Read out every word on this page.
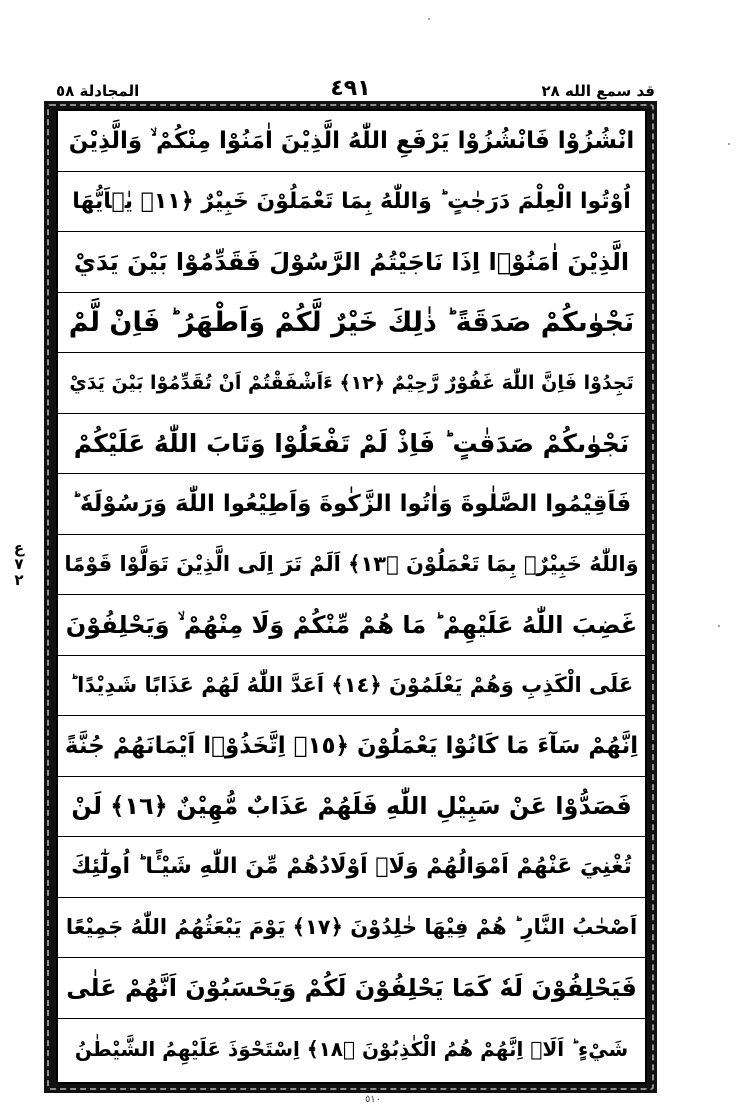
المجادلة ٥٨	٤٩١	قد سمع الله ٢٨
ع ٧ ٢
انْشُزُوْا فَانْشُزُوْا يَرْفَعِ اللّٰهُ الَّذِيْنَ اٰمَنُوْا مِنْكُمْ ۙ وَالَّذِيْنَ
اُوْتُوا الْعِلْمَ دَرَجٰتٍ ؕ وَاللّٰهُ بِمَا تَعْمَلُوْنَ خَبِيْرٌ ﴿١١﴾ يٰۤاَيُّهَا
الَّذِيْنَ اٰمَنُوْۤا اِذَا نَاجَيْتُمُ الرَّسُوْلَ فَقَدِّمُوْا بَيْنَ يَدَيْ
نَجْوٰىكُمْ صَدَقَةً ؕ ذٰلِكَ خَيْرٌ لَّكُمْ وَاَطْهَرُ ؕ فَاِنْ لَّمْ
تَجِدُوْا فَاِنَّ اللّٰهَ غَفُوْرٌ رَّحِيْمٌ ﴿١٢﴾ ءَاَشْفَقْتُمْ اَنْ تُقَدِّمُوْا بَيْنَ يَدَيْ
نَجْوٰىكُمْ صَدَقٰتٍ ؕ فَاِذْ لَمْ تَفْعَلُوْا وَتَابَ اللّٰهُ عَلَيْكُمْ
فَاَقِيْمُوا الصَّلٰوةَ وَاٰتُوا الزَّكٰوةَ وَاَطِيْعُوا اللّٰهَ وَرَسُوْلَهٗ ؕ
وَاللّٰهُ خَبِيْرٌۢ بِمَا تَعْمَلُوْنَ ﴿١٣﴾ اَلَمْ تَرَ اِلَى الَّذِيْنَ تَوَلَّوْا قَوْمًا
غَضِبَ اللّٰهُ عَلَيْهِمْ ؕ مَا هُمْ مِّنْكُمْ وَلَا مِنْهُمْ ۙ وَيَحْلِفُوْنَ
عَلَى الْكَذِبِ وَهُمْ يَعْلَمُوْنَ ﴿١٤﴾ اَعَدَّ اللّٰهُ لَهُمْ عَذَابًا شَدِيْدًا ؕ
اِنَّهُمْ سَآءَ مَا كَانُوْا يَعْمَلُوْنَ ﴿١٥﴾ اِتَّخَذُوْۤا اَيْمَانَهُمْ جُنَّةً
فَصَدُّوْا عَنْ سَبِيْلِ اللّٰهِ فَلَهُمْ عَذَابٌ مُّهِيْنٌ ﴿١٦﴾ لَنْ
تُغْنِيَ عَنْهُمْ اَمْوَالُهُمْ وَلَاۤ اَوْلَادُهُمْ مِّنَ اللّٰهِ شَيْـًٔا ؕ اُولٰٓئِكَ
اَصْحٰبُ النَّارِ ؕ هُمْ فِيْهَا خٰلِدُوْنَ ﴿١٧﴾ يَوْمَ يَبْعَثُهُمُ اللّٰهُ جَمِيْعًا
فَيَحْلِفُوْنَ لَهٗ كَمَا يَحْلِفُوْنَ لَكُمْ وَيَحْسَبُوْنَ اَنَّهُمْ عَلٰى
شَيْءٍ ؕ اَلَاۤ اِنَّهُمْ هُمُ الْكٰذِبُوْنَ ﴿١٨﴾ اِسْتَحْوَذَ عَلَيْهِمُ الشَّيْطٰنُ
٥١٠
